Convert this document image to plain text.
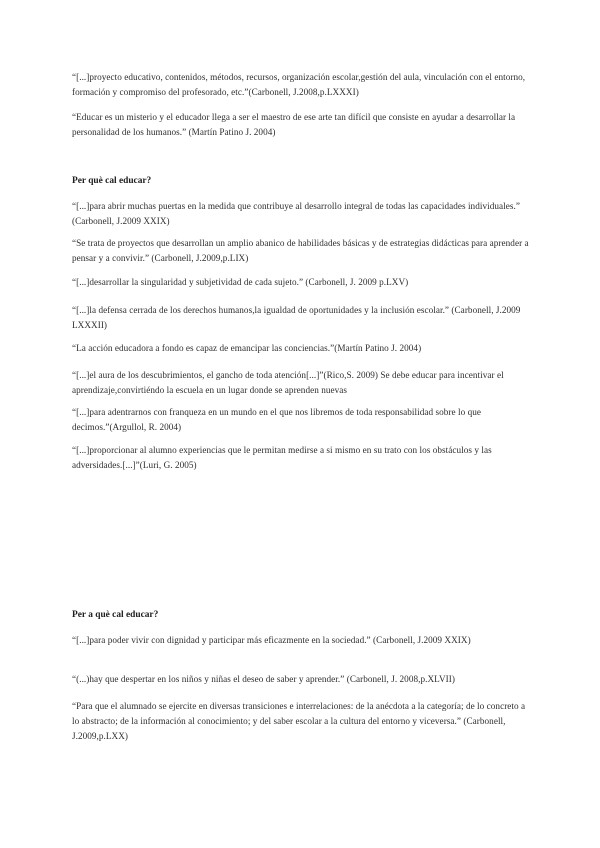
“[...]proyecto educativo, contenidos, métodos, recursos, organización escolar,gestión del aula, vinculación con el entorno, formación y compromiso del profesorado, etc.”(Carbonell, J.2008,p.LXXXI)

“Educar es un misterio y el educador llega a ser el maestro de ese arte tan difícil que consiste en ayudar a desarrollar la personalidad de los humanos.” (Martín Patino J. 2004)

Per què cal educar?

“[...]para abrir muchas puertas en la medida que contribuye al desarrollo integral de todas las capacidades individuales.” (Carbonell, J.2009 XXIX)

“Se trata de proyectos que desarrollan un amplio abanico de habilidades básicas y de estrategias didácticas para aprender a pensar y a convivir.” (Carbonell, J.2009,p.LIX)

“[...]desarrollar la singularidad y subjetividad de cada sujeto.” (Carbonell, J. 2009 p.LXV)

“[...]la defensa cerrada de los derechos humanos,la igualdad de oportunidades y la inclusión escolar.” (Carbonell, J.2009 LXXXII)

“La acción educadora a fondo es capaz de emancipar las conciencias.”(Martín Patino J. 2004)

“[...]el aura de los descubrimientos, el gancho de toda atención[...]”(Rico,S. 2009) Se debe educar para incentivar el aprendizaje,convirtiéndo la escuela en un lugar donde se aprenden nuevas

“[...]para adentrarnos con franqueza en un mundo en el que nos libremos de toda responsabilidad sobre lo que decimos.”(Argullol, R. 2004)

“[...]proporcionar al alumno experiencias que le permitan medirse a si mismo en su trato con los obstáculos y las adversidades.[...]”(Luri, G. 2005)

Per a què cal educar?

“[...]para poder vivir con dignidad y participar más eficazmente en la sociedad.” (Carbonell, J.2009 XXIX)

“(...)hay que despertar en los niños y niñas el deseo de saber y aprender.” (Carbonell, J. 2008,p.XLVII)

“Para que el alumnado se ejercite en diversas transiciones e interrelaciones: de la anécdota a la categoría; de lo concreto a lo abstracto; de la información al conocimiento; y del saber escolar a la cultura del entorno y viceversa.” (Carbonell, J.2009,p.LXX)
